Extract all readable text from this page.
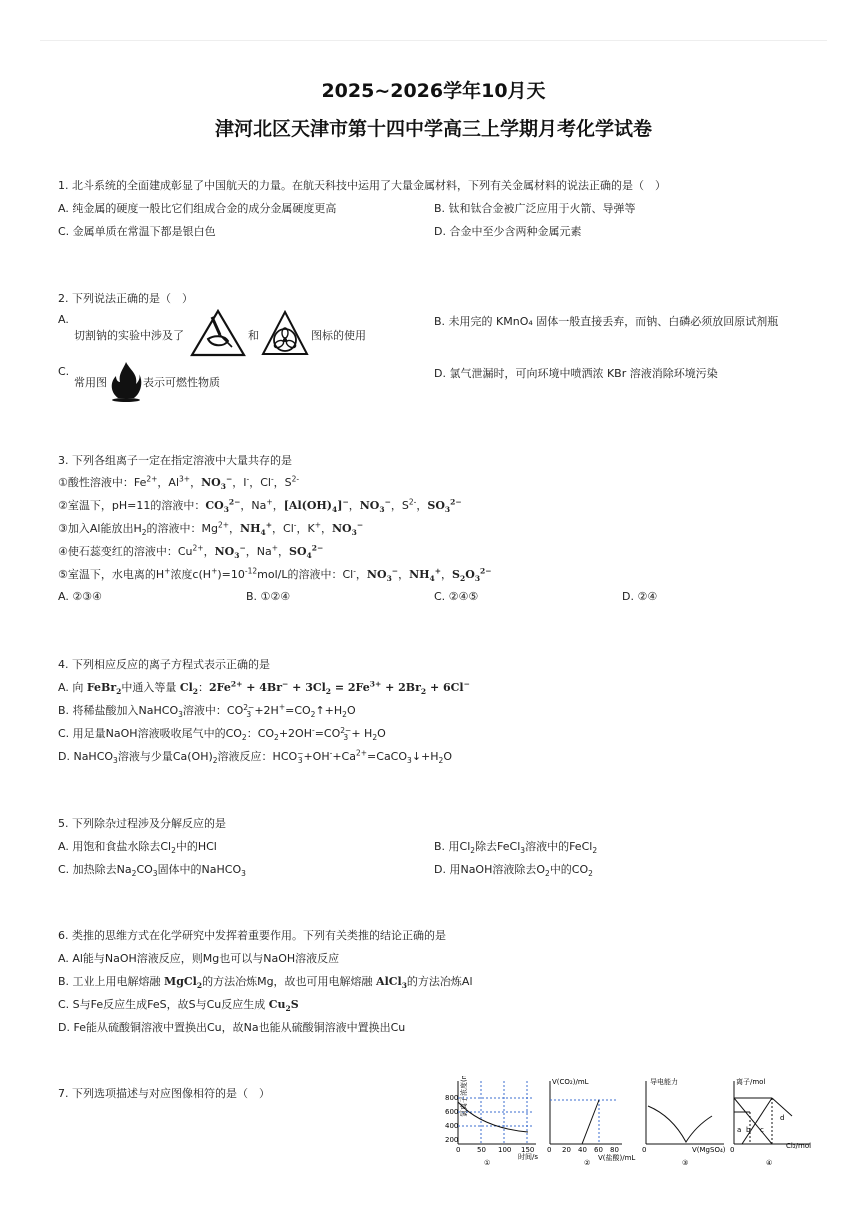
2025~2026学年10月天
津河北区天津市第十四中学高三上学期月考化学试卷
1. 北斗系统的全面建成彰显了中国航天的力量。在航天科技中运用了大量金属材料，下列有关金属材料的说法正确的是（　）
A. 纯金属的硬度一般比它们组成合金的成分金属硬度更高	B. 钛和钛合金被广泛应用于火箭、导弹等
C. 金属单质在常温下都是银白色	D. 合金中至少含两种金属元素
2. 下列说法正确的是（　）
A.
切割钠的实验中涉及了	和	图标的使用
B. 未用完的 KMnO₄ 固体一般直接丢弃，而钠、白磷必须放回原试剂瓶
C.
常用图	表示可燃性物质
D. 氯气泄漏时，可向环境中喷洒浓 KBr 溶液消除环境污染
3. 下列各组离子一定在指定溶液中大量共存的是
①酸性溶液中：$Fe^{2+}$，$Al^{3+}$，$NO_3^-$，I-，Cl-，$S^{2-}$
②室温下，pH=11的溶液中：$CO_3^{2-}$，Na+，$[Al(OH)_4]^-$，$NO_3^-$，$S^{2-}$，$SO_3^{2-}$
③加入Al能放出$H_2$的溶液中：$Mg^{2+}$，$NH_4^+$，Cl-，K+，$NO_3^-$
④使石蕊变红的溶液中：$Cu^{2+}$，$NO_3^-$，Na+，$SO_4^{2-}$
⑤室温下，水电离的H+浓度$c(H^+)=10^{-12}mol/L$的溶液中：Cl-，$NO_3^-$，$NH_4^+$，$S_2O_3^{2-}$
A. ②③④	B. ①②④	C. ②④⑤	D. ②④
4. 下列相应反应的离子方程式表示正确的是
A. 向 FeBr$_2$中通入等量 $Cl_2$：$2Fe^{2+} + 4Br^- + 3Cl_2 = 2Fe^{3+} + 2Br_2 + 6Cl^-$
B. 将稀盐酸加入NaHCO$_3$溶液中：CO2−
$3 +2H^+=CO_2↑+H_2O$
C. 用足量NaOH溶液吸收尾气中的$CO_2$：$CO_2+2OH^-=CO2-$
$3 + H_2O$
D. NaHCO$_3$溶液与少量$Ca(OH)_2$溶液反应：HCO−
$3+OH^-+Ca^{2+}=CaCO_3↓+H_2O$
5. 下列除杂过程涉及分解反应的是
A. 用饱和食盐水除去$Cl_2$中的HCl	B. 用$Cl_2$除去FeCl$_3$溶液中的FeCl$_2$
C. 加热除去$Na_2CO_3$固体中的NaHCO$_3$	D. 用NaOH溶液除去$O_2$中的$CO_2$
6. 类推的思维方式在化学研究中发挥着重要作用。下列有关类推的结论正确的是
A. Al能与NaOH溶液反应，则Mg也可以与NaOH溶液反应
B. 工业上用电解熔融 MgCl$_2$的方法冶炼Mg，故也可用电解熔融 AlCl$_3$的方法冶炼Al
C. S与Fe反应生成FeS，故S与Cu反应生成 $Cu_2S$
D. Fe能从硫酸铜溶液中置换出Cu，故Na也能从硫酸铜溶液中置换出Cu
7. 下列选项描述与对应图像相符的是（　）	氯离子浓度(mg/L)
800
600
400
200
0 50 100 150
时间/s
①
V(CO₂)/mL
0 20 40 60 80
V(盐酸)/mL
②
导电能力
0	V(MgSO₄)
③
离子/mol
a b c
d
0	Cl₂/mol
④
